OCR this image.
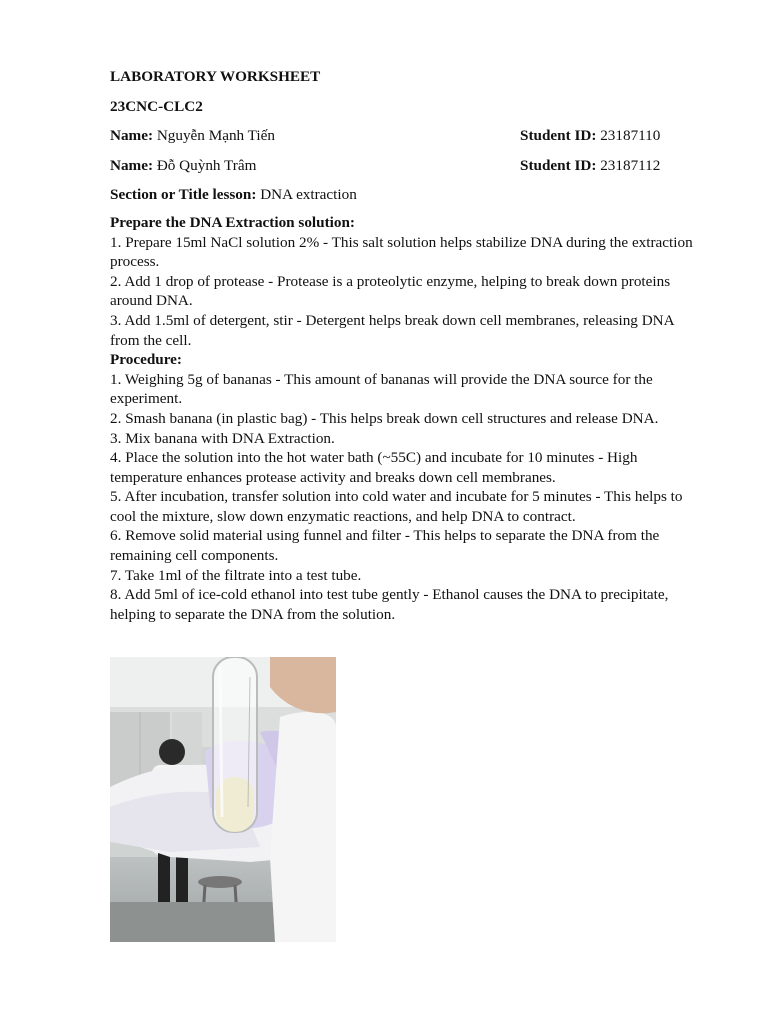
LABORATORY WORKSHEET

23CNC-CLC2

Name: Nguyễn Mạnh Tiến	Student ID: 23187110
Name: Đỗ Quỳnh Trâm	Student ID: 23187112

Section or Title lesson: DNA extraction

Prepare the DNA Extraction solution:

1. Prepare 15ml NaCl solution 2% - This salt solution helps stabilize DNA during the extraction process.
2. Add 1 drop of protease - Protease is a proteolytic enzyme, helping to break down proteins around DNA.
3. Add 1.5ml of detergent, stir - Detergent helps break down cell membranes, releasing DNA from the cell.

Procedure:

1. Weighing 5g of bananas - This amount of bananas will provide the DNA source for the experiment.
2. Smash banana (in plastic bag) - This helps break down cell structures and release DNA.
3. Mix banana with DNA Extraction.
4. Place the solution into the hot water bath (~55C) and incubate for 10 minutes - High temperature enhances protease activity and breaks down cell membranes.
5. After incubation, transfer solution into cold water and incubate for 5 minutes - This helps to cool the mixture, slow down enzymatic reactions, and help DNA to contract.
6. Remove solid material using funnel and filter - This helps to separate the DNA from the remaining cell components.
7. Take 1ml of the filtrate into a test tube.
8. Add 5ml of ice-cold ethanol into test tube gently - Ethanol causes the DNA to precipitate, helping to separate the DNA from the solution.
